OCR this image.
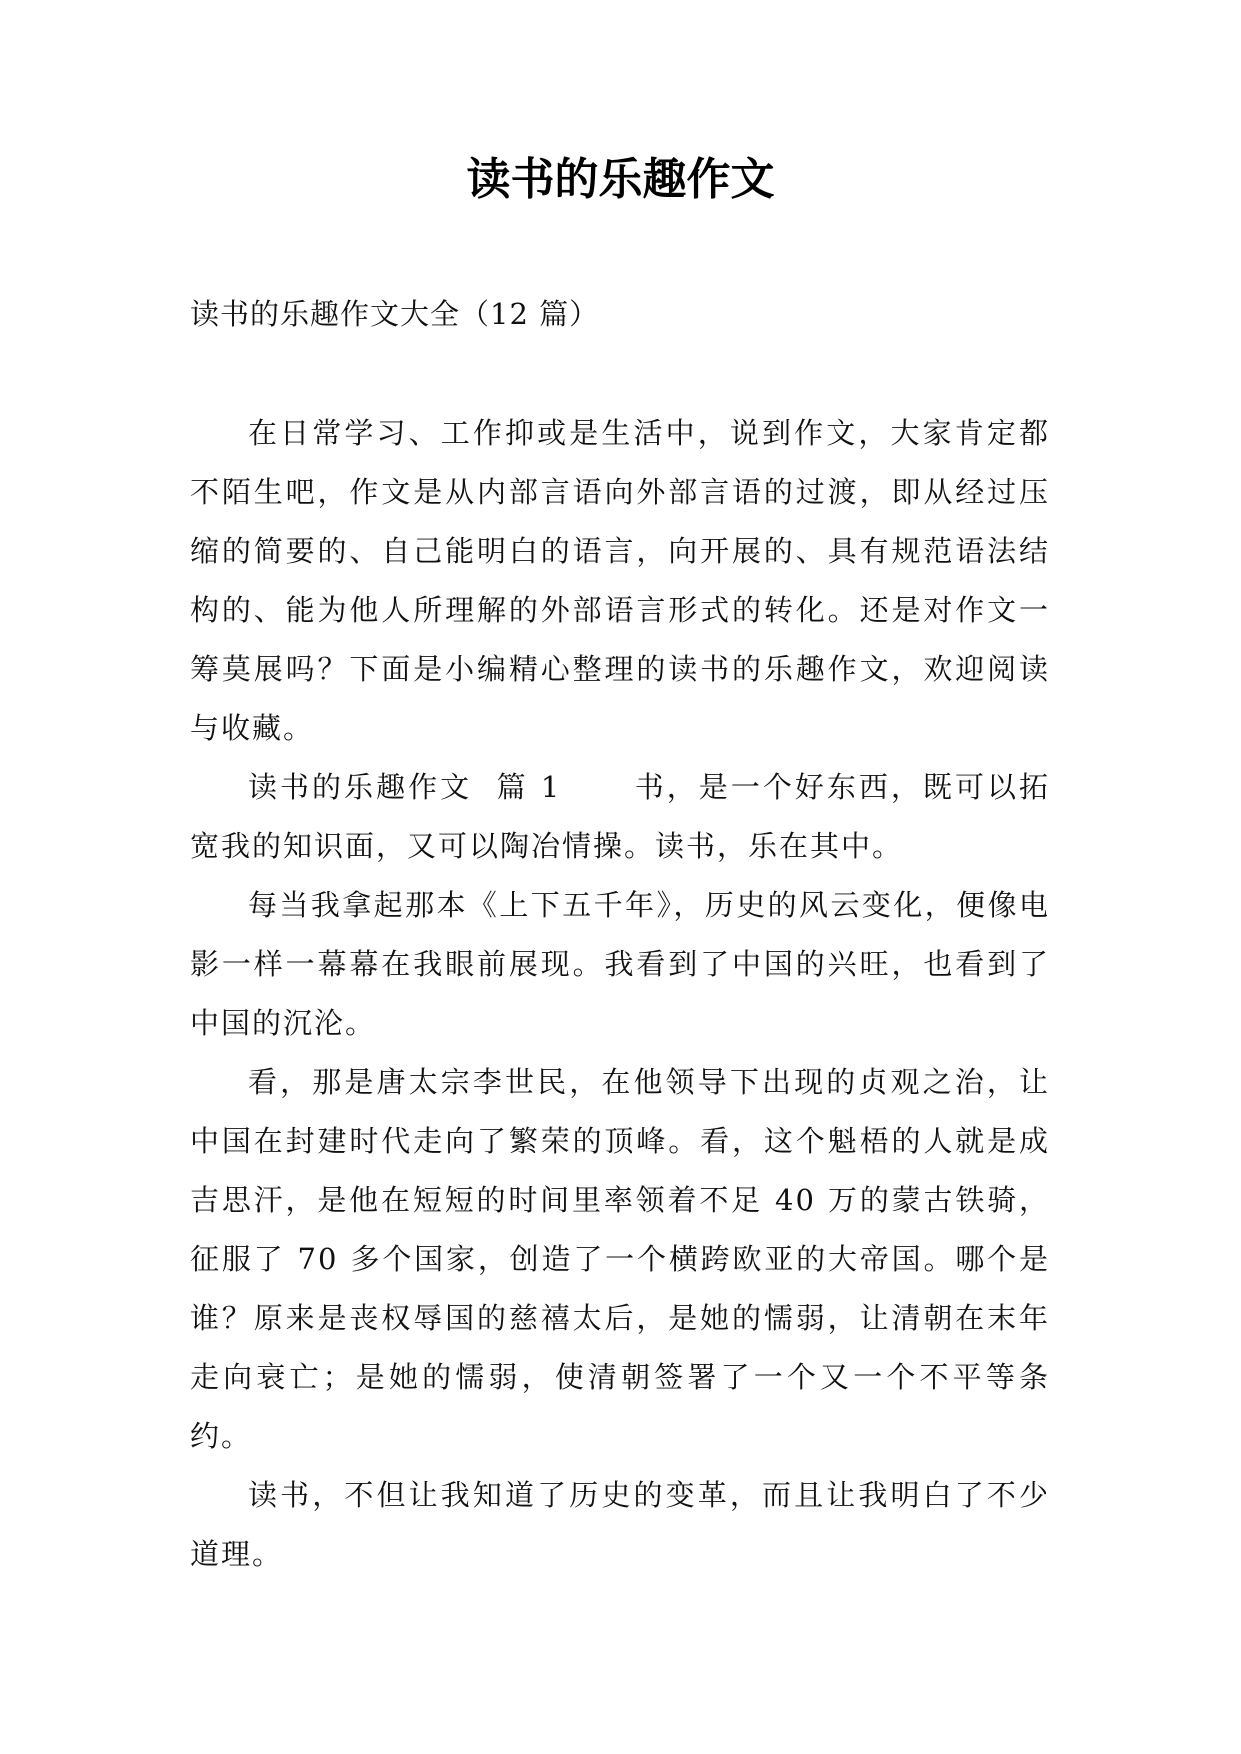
读书的乐趣作文

读书的乐趣作文大全（12 篇）

在日常学习、工作抑或是生活中，说到作文，大家肯定都不陌生吧，作文是从内部言语向外部言语的过渡，即从经过压缩的简要的、自己能明白的语言，向开展的、具有规范语法结构的、能为他人所理解的外部语言形式的转化。还是对作文一筹莫展吗？下面是小编精心整理的读书的乐趣作文，欢迎阅读与收藏。

读书的乐趣作文  篇 1      书，是一个好东西，既可以拓宽我的知识面，又可以陶冶情操。读书，乐在其中。

每当我拿起那本《上下五千年》，历史的风云变化，便像电影一样一幕幕在我眼前展现。我看到了中国的兴旺，也看到了中国的沉沦。

看，那是唐太宗李世民，在他领导下出现的贞观之治，让中国在封建时代走向了繁荣的顶峰。看，这个魁梧的人就是成吉思汗，是他在短短的时间里率领着不足 40 万的蒙古铁骑，征服了 70 多个国家，创造了一个横跨欧亚的大帝国。哪个是谁？原来是丧权辱国的慈禧太后，是她的懦弱，让清朝在末年走向衰亡；是她的懦弱，使清朝签署了一个又一个不平等条约。

读书，不但让我知道了历史的变革，而且让我明白了不少道理。
